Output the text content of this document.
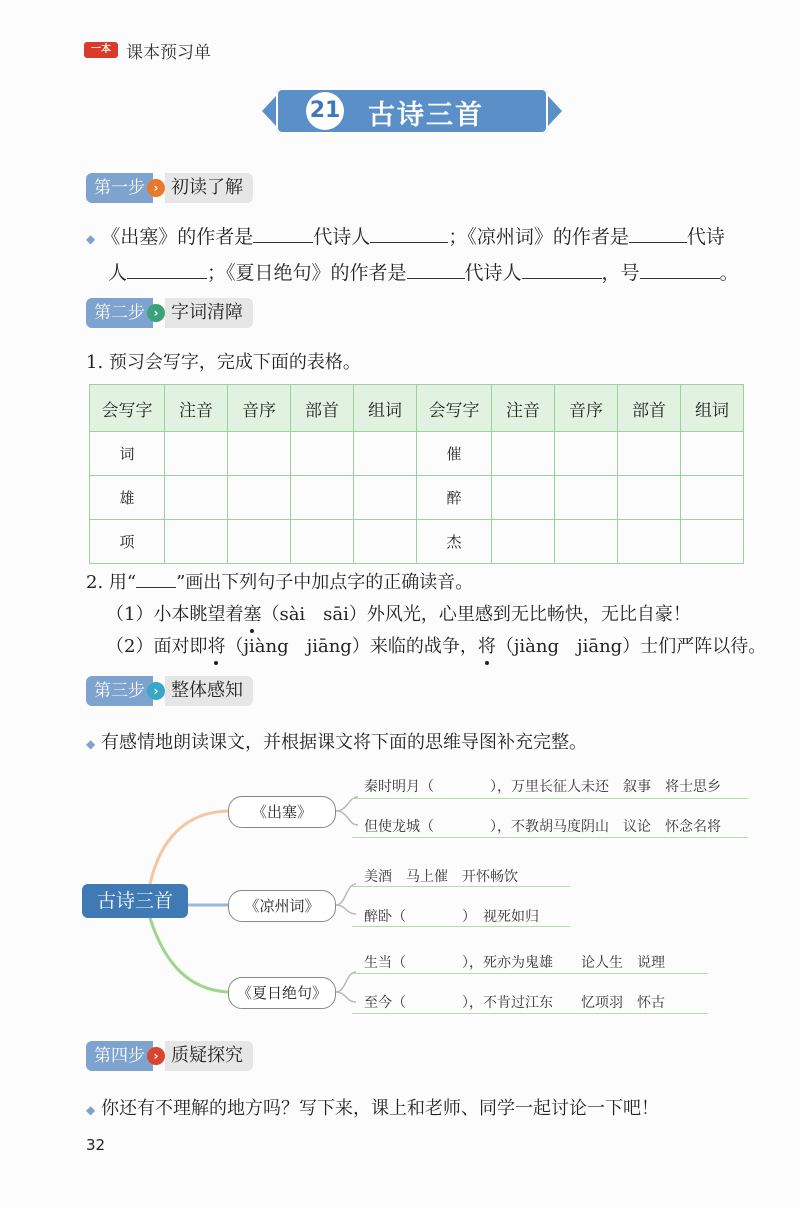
一本 课本预习单
21 古诗三首
第一步 › 初读了解
◆ 《出塞》的作者是	代诗人	；《凉州词》的作者是	代诗
人	；《夏日绝句》的作者是	代诗人	，号	。
第二步 › 字词清障
1. 预习会写字，完成下面的表格。
会写字	注音	音序	部首	组词	会写字	注音	音序	部首	组词
词					催				
雄					醉				
项					杰				
2. 用“ ”画出下列句子中加点字的正确读音。
（1）小本眺望着塞（sài　sāi）外风光，心里感到无比畅快，无比自豪！
（2）面对即将（jiàng　jiāng）来临的战争，将（jiàng　jiāng）士们严阵以待。
第三步 › 整体感知
◆ 有感情地朗读课文，并根据课文将下面的思维导图补充完整。
古诗三首
《出塞》
《凉州词》
《夏日绝句》
秦时明月（　　　　），万里长征人未还　叙事　将士思乡
但使龙城（　　　　），不教胡马度阴山　议论　怀念名将
美酒　马上催　开怀畅饮
醉卧（　　　　）　视死如归
生当（　　　　），死亦为鬼雄　　论人生　说理
至今（　　　　），不肯过江东　　忆项羽　怀古
第四步 › 质疑探究
◆ 你还有不理解的地方吗？写下来，课上和老师、同学一起讨论一下吧！
32
